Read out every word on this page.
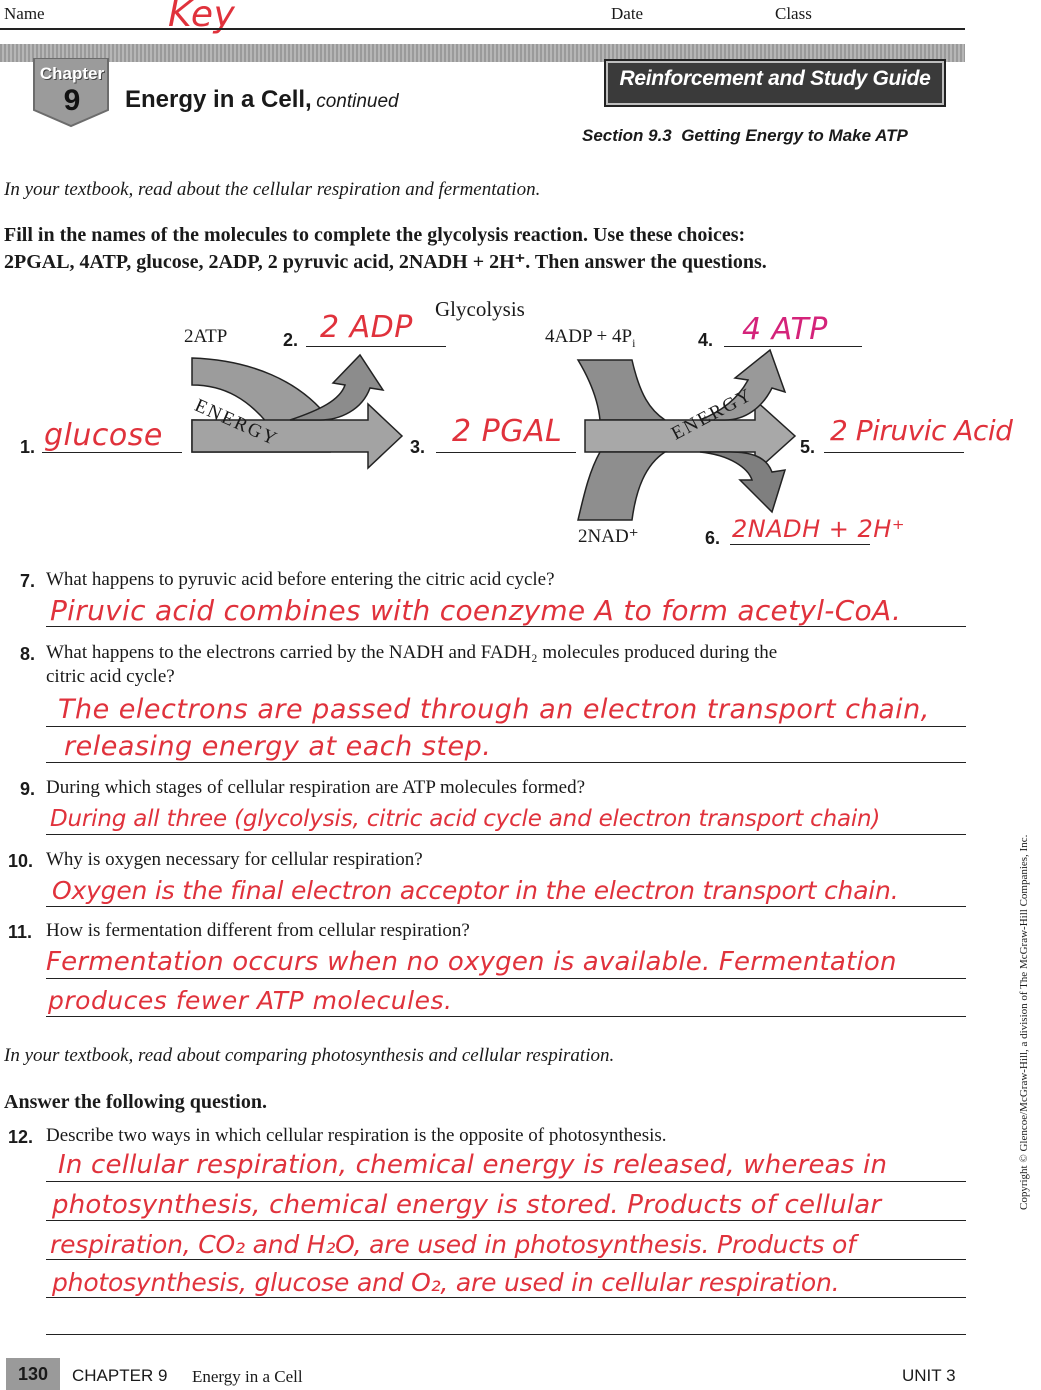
Name	Key	Date	Class
Chapter
9	Energy in a Cell, continued
Reinforcement and Study Guide
Section 9.3  Getting Energy to Make ATP
In your textbook, read about the cellular respiration and fermentation.
Fill in the names of the molecules to complete the glycolysis reaction. Use these choices:
2PGAL, 4ATP, glucose, 2ADP, 2 pyruvic acid, 2NADH + 2H⁺. Then answer the questions.
Glycolysis
2ATP	$4ADP + 4P_i$
2NAD⁺
ENERGY	ENERGY
1. glucose
2. 2 ADP
3. 2 PGAL
4. 4 ATP
5. 2 Piruvic Acid
6. 2NADH + 2H⁺
7. What happens to pyruvic acid before entering the citric acid cycle?
Piruvic acid combines with coenzyme A to form acetyl-CoA.
8. What happens to the electrons carried by the NADH and FADH₂ molecules produced during the
citric acid cycle?
The electrons are passed through an electron transport chain,
releasing energy at each step.
9. During which stages of cellular respiration are ATP molecules formed?
During all three (glycolysis, citric acid cycle and electron transport chain)
10. Why is oxygen necessary for cellular respiration?
Oxygen is the final electron acceptor in the electron transport chain.
11. How is fermentation different from cellular respiration?
Fermentation occurs when no oxygen is available. Fermentation
produces fewer ATP molecules.
In your textbook, read about comparing photosynthesis and cellular respiration.
Answer the following question.
12. Describe two ways in which cellular respiration is the opposite of photosynthesis.
In cellular respiration, chemical energy is released, whereas in
photosynthesis, chemical energy is stored. Products of cellular
respiration, CO₂ and H₂O, are used in photosynthesis. Products of
photosynthesis, glucose and O₂, are used in cellular respiration.
Copyright © Glencoe/McGraw-Hill, a division of The McGraw-Hill Companies, Inc.
130	CHAPTER 9 Energy in a Cell	UNIT 3
